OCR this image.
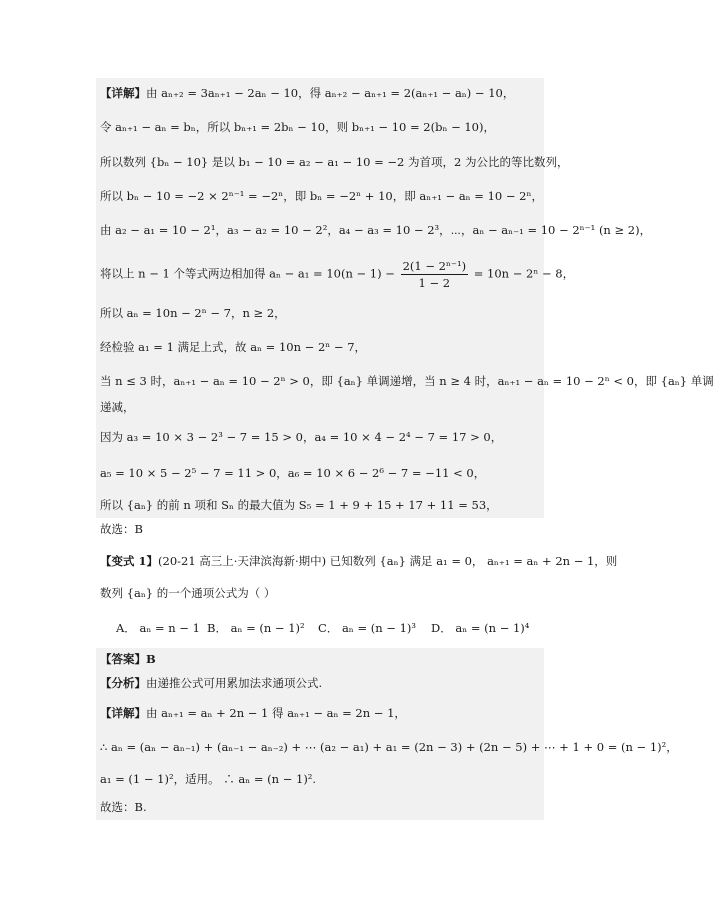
【详解】由 aₙ₊₂ = 3aₙ₊₁ − 2aₙ − 10，得 aₙ₊₂ − aₙ₊₁ = 2(aₙ₊₁ − aₙ) − 10，
令 aₙ₊₁ − aₙ = bₙ，所以 bₙ₊₁ = 2bₙ − 10，则 bₙ₊₁ − 10 = 2(bₙ − 10)，
所以数列 {bₙ − 10} 是以 b₁ − 10 = a₂ − a₁ − 10 = −2 为首项，2 为公比的等比数列，
所以 bₙ − 10 = −2 × 2ⁿ⁻¹ = −2ⁿ，即 bₙ = −2ⁿ + 10，即 aₙ₊₁ − aₙ = 10 − 2ⁿ，
由 a₂ − a₁ = 10 − 2¹，a₃ − a₂ = 10 − 2²，a₄ − a₃ = 10 − 2³，⋯，aₙ − aₙ₋₁ = 10 − 2ⁿ⁻¹ (n ≥ 2)，
将以上 n − 1 个等式两边相加得 $a_n - a_1 = 10(n - 1) - \frac{\text{2(1 − 2ⁿ⁻¹)}}{1 - 2} = 10n - 2^n - 8$，
所以 aₙ = 10n − 2ⁿ − 7，n ≥ 2，
经检验 a₁ = 1 满足上式，故 aₙ = 10n − 2ⁿ − 7，
当 n ≤ 3 时，aₙ₊₁ − aₙ = 10 − 2ⁿ > 0，即 {aₙ} 单调递增，当 n ≥ 4 时，aₙ₊₁ − aₙ = 10 − 2ⁿ < 0，即 {aₙ} 单调
递减，
因为 a₃ = 10 × 3 − 2³ − 7 = 15 > 0，a₄ = 10 × 4 − 2⁴ − 7 = 17 > 0，
a₅ = 10 × 5 − 2⁵ − 7 = 11 > 0，a₆ = 10 × 6 − 2⁶ − 7 = −11 < 0，
所以 {aₙ} 的前 n 项和 Sₙ 的最大值为 S₅ = 1 + 9 + 15 + 17 + 11 = 53，
故选：B
【变式 1】(20-21 高三上·天津滨海新·期中) 已知数列 {aₙ} 满足 a₁ = 0， aₙ₊₁ = aₙ + 2n − 1，则
数列 {aₙ} 的一个通项公式为（ ）
A． aₙ = n − 1 B． aₙ = (n − 1)² C． aₙ = (n − 1)³ D． aₙ = (n − 1)⁴
【答案】B
【分析】由递推公式可用累加法求通项公式.
【详解】由 aₙ₊₁ = aₙ + 2n − 1 得 aₙ₊₁ − aₙ = 2n − 1，
∴ aₙ = (aₙ − aₙ₋₁) + (aₙ₋₁ − aₙ₋₂) + ⋯ (a₂ − a₁) + a₁ = (2n − 3) + (2n − 5) + ⋯ + 1 + 0 = (n − 1)²，
a₁ = (1 − 1)²，适用。 ∴ aₙ = (n − 1)².
故选：B.
